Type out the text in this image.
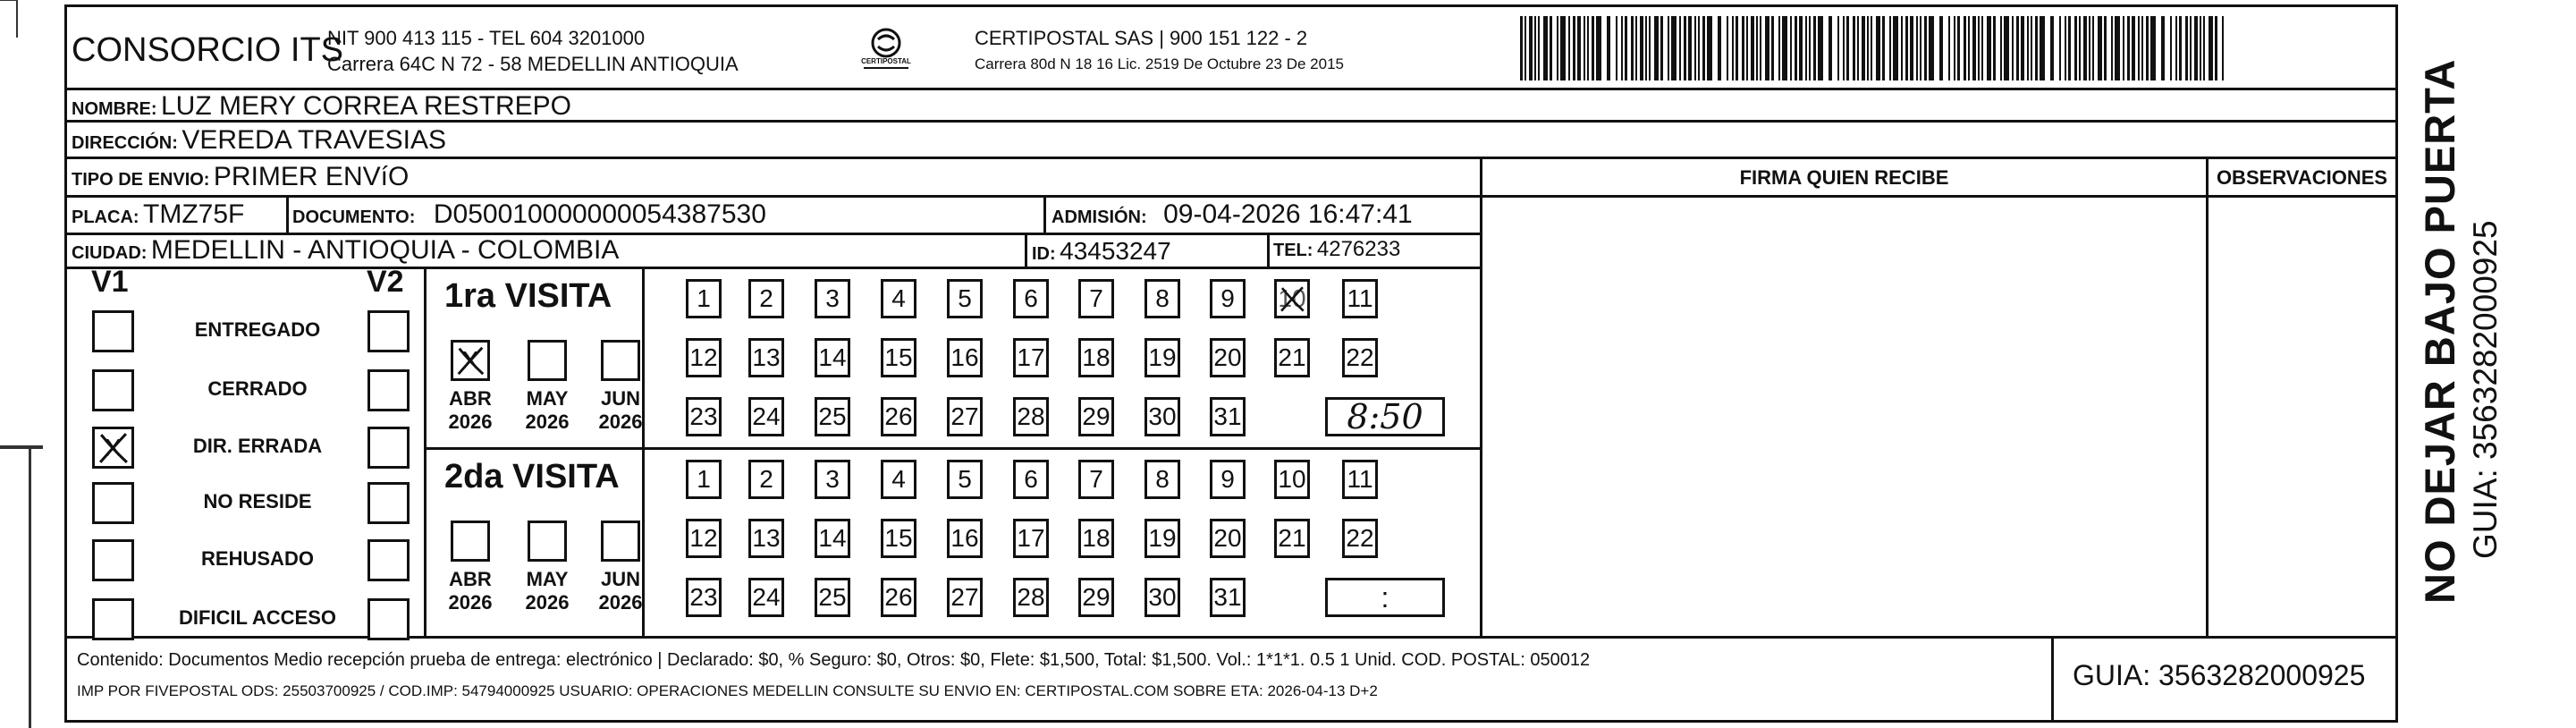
CONSORCIO ITS
NIT 900 413 115 - TEL 604 3201000
Carrera 64C N 72 - 58 MEDELLIN ANTIOQUIA	CERTIPOSTAL
CERTIPOSTAL SAS | 900 151 122 - 2
Carrera 80d N 18 16 Lic. 2519 De Octubre 23 De 2015
NOMBRE: LUZ MERY CORREA RESTREPO
DIRECCIÓN: VEREDA TRAVESIAS
TIPO DE ENVIO: PRIMER ENVíO	FIRMA QUIEN RECIBE	OBSERVACIONES
PLACA: TMZ75F	DOCUMENTO: D050010000000054387530	ADMISIÓN: 09-04-2026 16:47:41
CIUDAD: MEDELLIN - ANTIOQUIA - COLOMBIA	ID: 43453247	TEL: 4276233
V1	V2
ENTREGADO
CERRADO
X	DIR. ERRADA
NO RESIDE
REHUSADO
DIFICIL ACCESO
1ra VISITA
X
ABR
2026
MAY
2026
JUN
2026
1	2	3	4	5	6	7	8	9	10 11
12 13 14 15 16 17 18 19 20 21 22
23 24 25 26 27 28 29 30 31	8:50
2da VISITA
ABR
2026
MAY
2026
JUN
2026
1	2	3	4	5	6	7	8	9	10 11
12 13 14 15 16 17 18 19 20 21 22
23 24 25 26 27 28 29 30 31	:
Contenido: Documentos Medio recepción prueba de entrega: electrónico | Declarado: $0, % Seguro: $0, Otros: $0, Flete: $1,500, Total: $1,500. Vol.: 1*1*1. 0.5 1 Unid. COD. POSTAL: 050012
IMP POR FIVEPOSTAL ODS: 25503700925 / COD.IMP: 54794000925 USUARIO: OPERACIONES MEDELLIN CONSULTE SU ENVIO EN: CERTIPOSTAL.COM SOBRE ETA: 2026-04-13 D+2	GUIA: 3563282000925
NO DEJAR BAJO PUERTA GUIA: 3563282000925
